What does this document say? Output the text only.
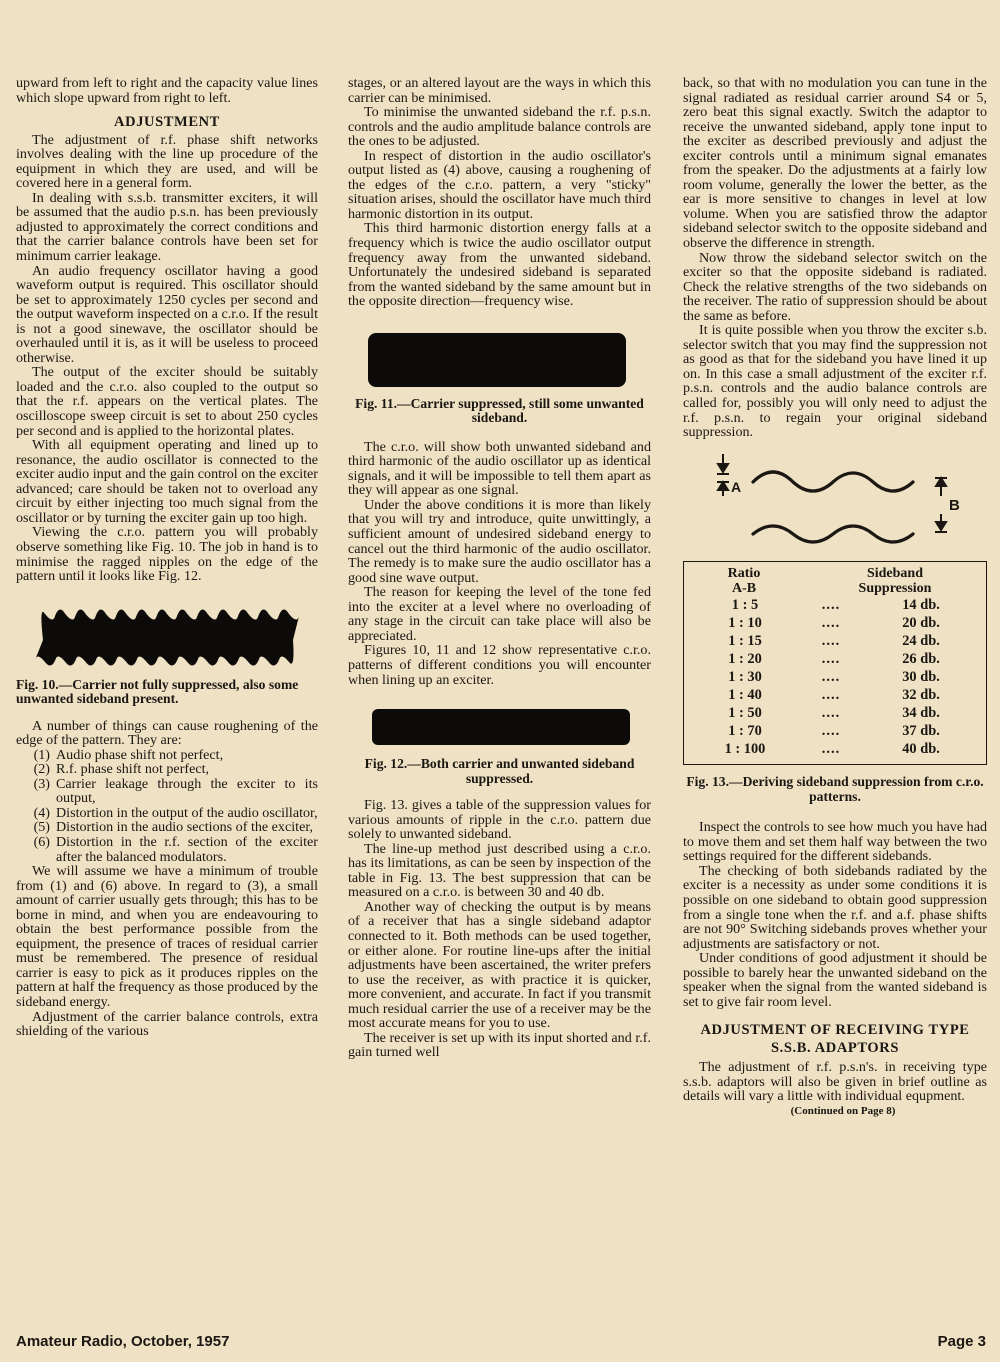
upward from left to right and the capacity value lines which slope upward from right to left.

ADJUSTMENT

The adjustment of r.f. phase shift networks involves dealing with the line up procedure of the equipment in which they are used, and will be covered here in a general form.

In dealing with s.s.b. transmitter exciters, it will be assumed that the audio p.s.n. has been previously adjusted to approximately the correct conditions and that the carrier balance controls have been set for minimum carrier leakage.

An audio frequency oscillator having a good waveform output is required. This oscillator should be set to approximately 1250 cycles per second and the output waveform inspected on a c.r.o. If the result is not a good sinewave, the oscillator should be overhauled until it is, as it will be useless to proceed otherwise.

The output of the exciter should be suitably loaded and the c.r.o. also coupled to the output so that the r.f. appears on the vertical plates. The oscilloscope sweep circuit is set to about 250 cycles per second and is applied to the horizontal plates.

With all equipment operating and lined up to resonance, the audio oscillator is connected to the exciter audio input and the gain control on the exciter advanced; care should be taken not to overload any circuit by either injecting too much signal from the oscillator or by turning the exciter gain up too high.

Viewing the c.r.o. pattern you will probably observe something like Fig. 10. The job in hand is to minimise the ragged nipples on the edge of the pattern until it looks like Fig. 12.

Fig. 10.—Carrier not fully suppressed, also some unwanted sideband present.

A number of things can cause roughening of the edge of the pattern. They are:

(1) Audio phase shift not perfect,
(2) R.f. phase shift not perfect,
(3) Carrier leakage through the exciter to its output,
(4) Distortion in the output of the audio oscillator,
(5) Distortion in the audio sections of the exciter,
(6) Distortion in the r.f. section of the exciter after the balanced modulators.

We will assume we have a minimum of trouble from (1) and (6) above. In regard to (3), a small amount of carrier usually gets through; this has to be borne in mind, and when you are endeavouring to obtain the best performance possible from the equipment, the presence of traces of residual carrier must be remembered. The presence of residual carrier is easy to pick as it produces ripples on the pattern at half the frequency as those produced by the sideband energy.

Adjustment of the carrier balance controls, extra shielding of the various

stages, or an altered layout are the ways in which this carrier can be minimised.

To minimise the unwanted sideband the r.f. p.s.n. controls and the audio amplitude balance controls are the ones to be adjusted.

In respect of distortion in the audio oscillator's output listed as (4) above, causing a roughening of the edges of the c.r.o. pattern, a very "sticky" situation arises, should the oscillator have much third harmonic distortion in its output.

This third harmonic distortion energy falls at a frequency which is twice the audio oscillator output frequency away from the unwanted sideband. Unfortunately the undesired sideband is separated from the wanted sideband by the same amount but in the opposite direction—frequency wise.

Fig. 11.—Carrier suppressed, still some unwanted sideband.

The c.r.o. will show both unwanted sideband and third harmonic of the audio oscillator up as identical signals, and it will be impossible to tell them apart as they will appear as one signal.

Under the above conditions it is more than likely that you will try and introduce, quite unwittingly, a sufficient amount of undesired sideband energy to cancel out the third harmonic of the audio oscillator. The remedy is to make sure the audio oscillator has a good sine wave output.

The reason for keeping the level of the tone fed into the exciter at a level where no overloading of any stage in the circuit can take place will also be appreciated.

Figures 10, 11 and 12 show representative c.r.o. patterns of different conditions you will encounter when lining up an exciter.

Fig. 12.—Both carrier and unwanted sideband suppressed.

Fig. 13. gives a table of the suppression values for various amounts of ripple in the c.r.o. pattern due solely to unwanted sideband.

The line-up method just described using a c.r.o. has its limitations, as can be seen by inspection of the table in Fig. 13. The best suppression that can be measured on a c.r.o. is between 30 and 40 db.

Another way of checking the output is by means of a receiver that has a single sideband adaptor connected to it. Both methods can be used together, or either alone. For routine line-ups after the initial adjustments have been ascertained, the writer prefers to use the receiver, as with practice it is quicker, more convenient, and accurate. In fact if you transmit much residual carrier the use of a receiver may be the most accurate means for you to use.

The receiver is set up with its input shorted and r.f. gain turned well

back, so that with no modulation you can tune in the signal radiated as residual carrier around S4 or 5, zero beat this signal exactly. Switch the adaptor to receive the unwanted sideband, apply tone input to the exciter as described previously and adjust the exciter controls until a minimum signal emanates from the speaker. Do the adjustments at a fairly low room volume, generally the lower the better, as the ear is more sensitive to changes in level at low volume. When you are satisfied throw the adaptor sideband selector switch to the opposite sideband and observe the difference in strength.

Now throw the sideband selector switch on the exciter so that the opposite sideband is radiated. Check the relative strengths of the two sidebands on the receiver. The ratio of suppression should be about the same as before.

It is quite possible when you throw the exciter s.b. selector switch that you may find the suppression not as good as that for the sideband you have lined it up on. In this case a small adjustment of the exciter r.f. p.s.n. controls and the audio balance controls are called for, possibly you will only need to adjust the r.f. p.s.n. to regain your original sideband suppression.

A
B
Ratio
A-B
Sideband
Suppression
1 : 5	....	14 db.
1 : 10	....	20 db.
1 : 15	....	24 db.
1 : 20	....	26 db.
1 : 30	....	30 db.
1 : 40	....	32 db.
1 : 50	....	34 db.
1 : 70	....	37 db.
1 : 100	....	40 db.
Fig. 13.—Deriving sideband suppression from c.r.o. patterns.

Inspect the controls to see how much you have had to move them and set them half way between the two settings required for the different sidebands.

The checking of both sidebands radiated by the exciter is a necessity as under some conditions it is possible on one sideband to obtain good suppression from a single tone when the r.f. and a.f. phase shifts are not 90° Switching sidebands proves whether your adjustments are satisfactory or not.

Under conditions of good adjustment it should be possible to barely hear the unwanted sideband on the speaker when the signal from the wanted sideband is set to give fair room level.

ADJUSTMENT OF RECEIVING TYPE S.S.B. ADAPTORS

The adjustment of r.f. p.s.n's. in receiving type s.s.b. adaptors will also be given in brief outline as details will vary a little with individual equpment.

(Continued on Page 8)

Amateur Radio, October, 1957	Page 3
